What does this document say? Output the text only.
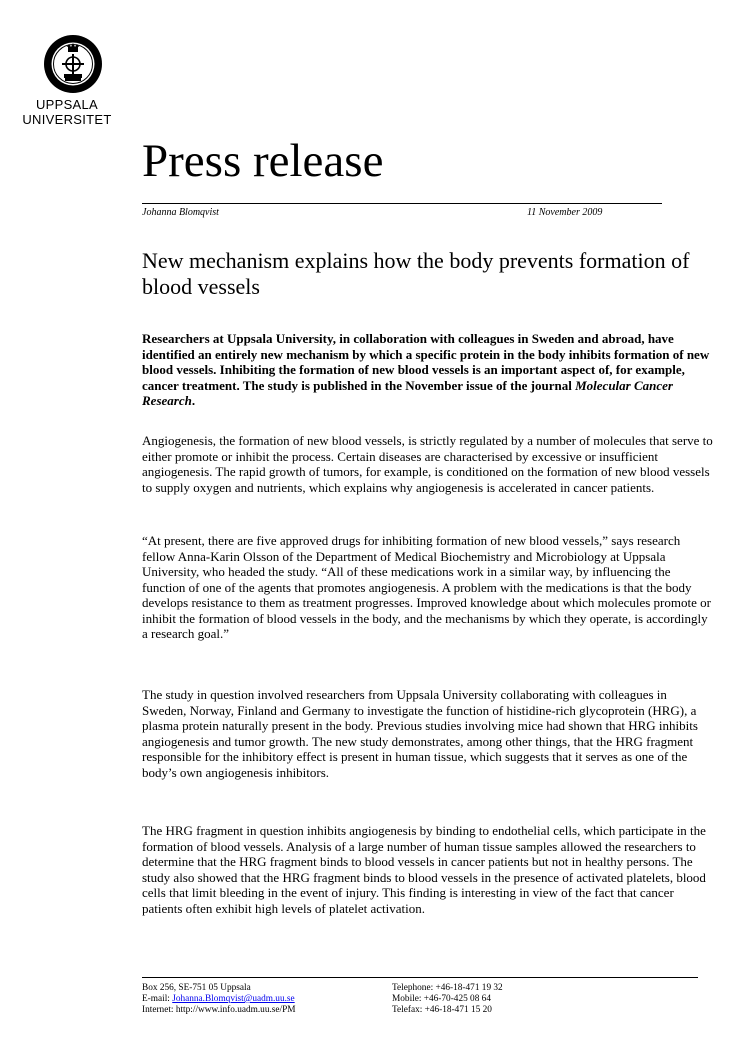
UPPSALA
UNIVERSITET
Press release
Johanna Blomqvist	11 November 2009
New mechanism explains how the body prevents formation of blood vessels
Researchers at Uppsala University, in collaboration with colleagues in Sweden and abroad, have identified an entirely new mechanism by which a specific protein in the body inhibits formation of new blood vessels. Inhibiting the formation of new blood vessels is an important aspect of, for example, cancer treatment. The study is published in the November issue of the journal Molecular Cancer Research.
Angiogenesis, the formation of new blood vessels, is strictly regulated by a number of molecules that serve to either promote or inhibit the process. Certain diseases are characterised by excessive or insufficient angiogenesis. The rapid growth of tumors, for example, is conditioned on the formation of new blood vessels to supply oxygen and nutrients, which explains why angiogenesis is accelerated in cancer patients.
“At present, there are five approved drugs for inhibiting formation of new blood vessels,” says research fellow Anna-Karin Olsson of the Department of Medical Biochemistry and Microbiology at Uppsala University, who headed the study. “All of these medications work in a similar way, by influencing the function of one of the agents that promotes angiogenesis. A problem with the medications is that the body develops resistance to them as treatment progresses. Improved knowledge about which molecules promote or inhibit the formation of blood vessels in the body, and the mechanisms by which they operate, is accordingly a research goal.”
The study in question involved researchers from Uppsala University collaborating with colleagues in Sweden, Norway, Finland and Germany to investigate the function of histidine-rich glycoprotein (HRG), a plasma protein naturally present in the body. Previous studies involving mice had shown that HRG inhibits angiogenesis and tumor growth. The new study demonstrates, among other things, that the HRG fragment responsible for the inhibitory effect is present in human tissue, which suggests that it serves as one of the body’s own angiogenesis inhibitors.
The HRG fragment in question inhibits angiogenesis by binding to endothelial cells, which participate in the formation of blood vessels. Analysis of a large number of human tissue samples allowed the researchers to determine that the HRG fragment binds to blood vessels in cancer patients but not in healthy persons. The study also showed that the HRG fragment binds to blood vessels in the presence of activated platelets, blood cells that limit bleeding in the event of injury. This finding is interesting in view of the fact that cancer patients often exhibit high levels of platelet activation.
Box 256, SE-751 05 Uppsala
E-mail: Johanna.Blomqvist@uadm.uu.se
Internet: http://www.info.uadm.uu.se/PM
Telephone: +46-18-471 19 32
Mobile: +46-70-425 08 64
Telefax: +46-18-471 15 20
